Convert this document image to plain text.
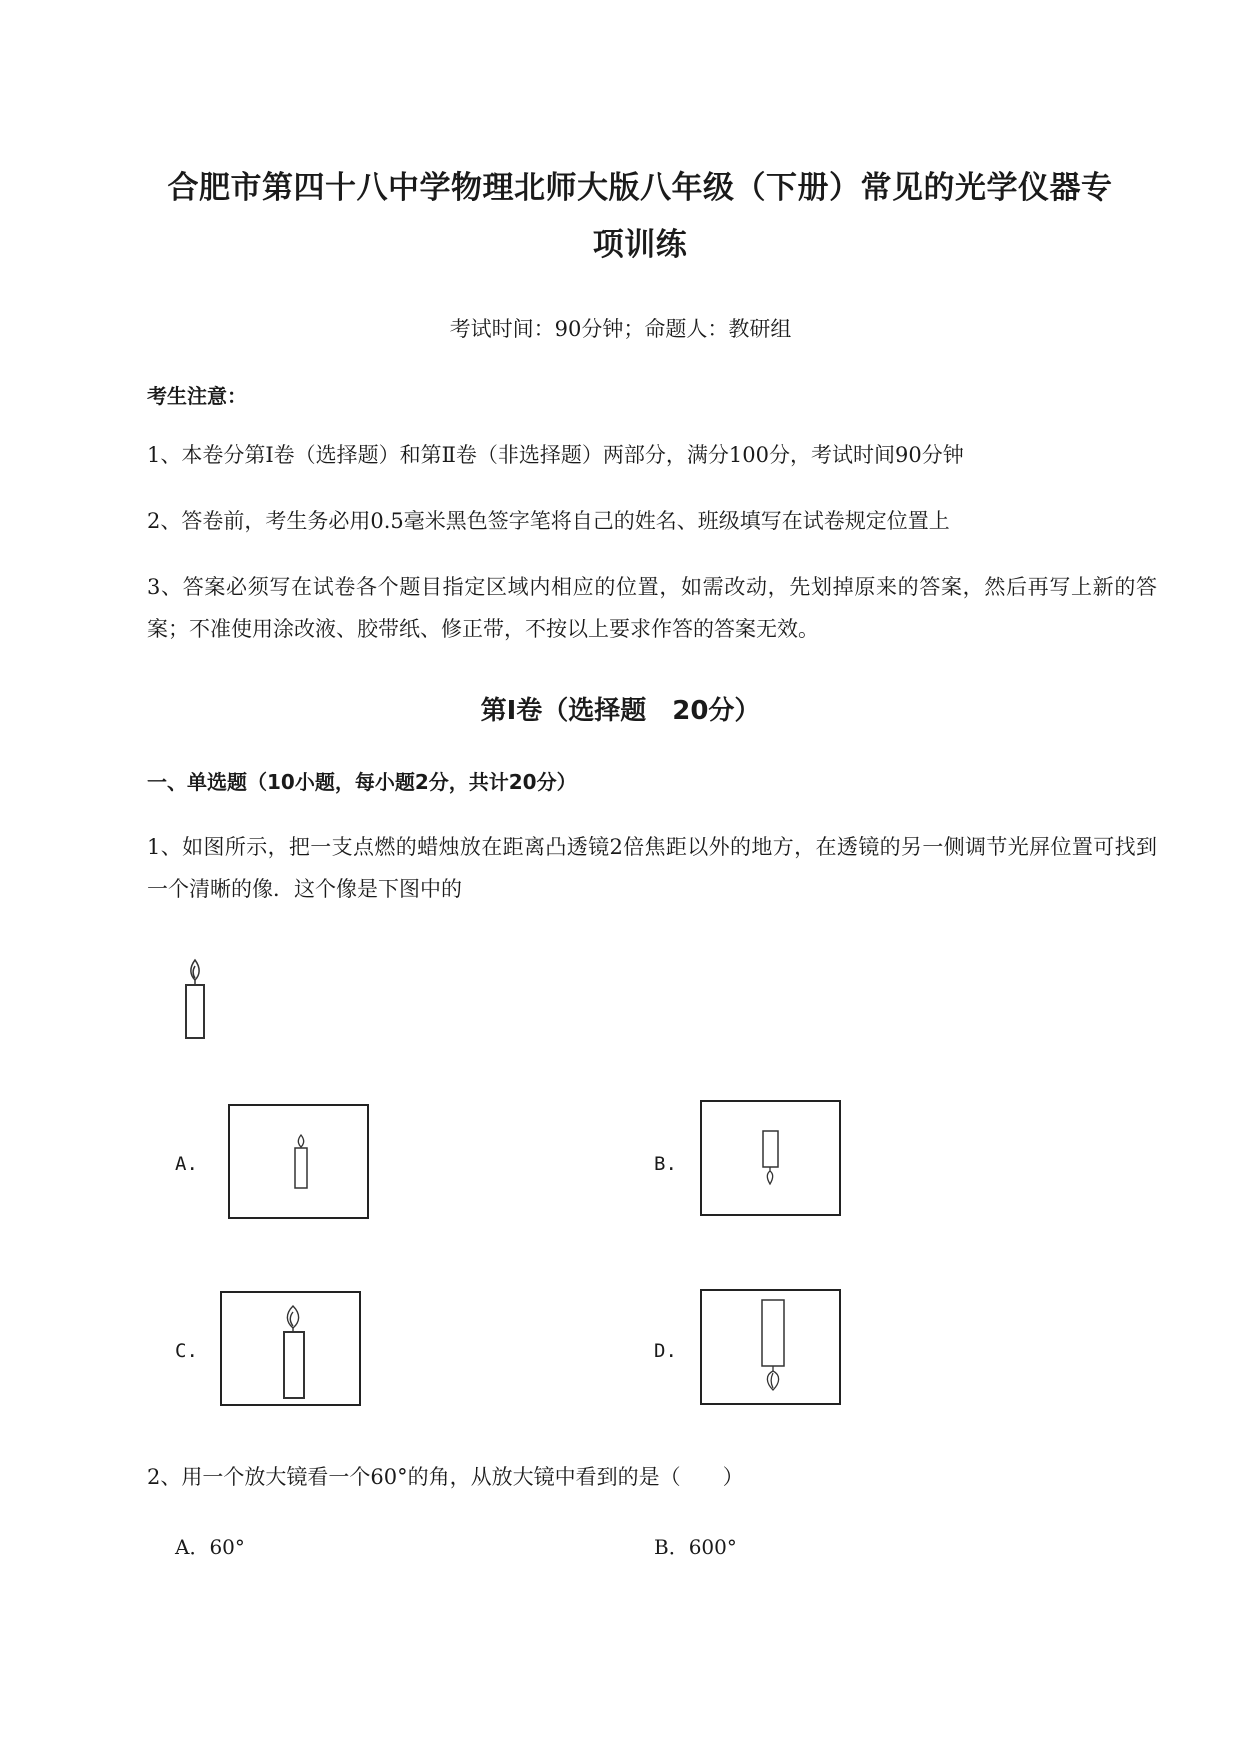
合肥市第四十八中学物理北师大版八年级（下册）常见的光学仪器专
项训练
考试时间：90分钟；命题人：教研组
考生注意：
1、本卷分第Ⅰ卷（选择题）和第Ⅱ卷（非选择题）两部分，满分100分，考试时间90分钟
2、答卷前，考生务必用0.5毫米黑色签字笔将自己的姓名、班级填写在试卷规定位置上
3、答案必须写在试卷各个题目指定区域内相应的位置，如需改动，先划掉原来的答案，然后再写上新的答案；不准使用涂改液、胶带纸、修正带，不按以上要求作答的答案无效。
第Ⅰ卷（选择题　20分）
一、单选题（10小题，每小题2分，共计20分）
1、如图所示，把一支点燃的蜡烛放在距离凸透镜2倍焦距以外的地方，在透镜的另一侧调节光屏位置可找到一个清晰的像．这个像是下图中的
A.	B.
C.	D.
2、用一个放大镜看一个60°的角，从放大镜中看到的是（　　）
A．60°	B．600°
